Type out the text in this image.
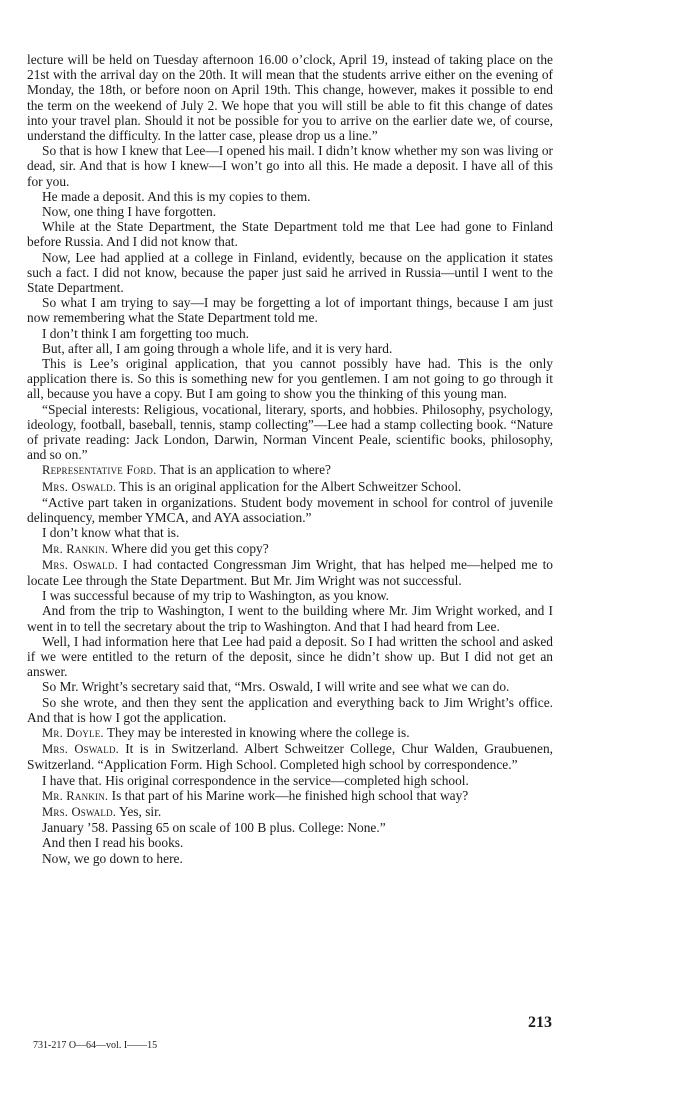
lecture will be held on Tuesday afternoon 16.00 o’clock, April 19, instead of taking place on the 21st with the arrival day on the 20th. It will mean that the students arrive either on the evening of Monday, the 18th, or before noon on April 19th. This change, however, makes it possible to end the term on the weekend of July 2. We hope that you will still be able to fit this change of dates into your travel plan. Should it not be possible for you to arrive on the earlier date we, of course, understand the difficulty. In the latter case, please drop us a line.”

So that is how I knew that Lee—I opened his mail. I didn’t know whether my son was living or dead, sir. And that is how I knew—I won’t go into all this. He made a deposit. I have all of this for you.

He made a deposit. And this is my copies to them.

Now, one thing I have forgotten.

While at the State Department, the State Department told me that Lee had gone to Finland before Russia. And I did not know that.

Now, Lee had applied at a college in Finland, evidently, because on the application it states such a fact. I did not know, because the paper just said he arrived in Russia—until I went to the State Department.

So what I am trying to say—I may be forgetting a lot of important things, because I am just now remembering what the State Department told me.

I don’t think I am forgetting too much.

But, after all, I am going through a whole life, and it is very hard.

This is Lee’s original application, that you cannot possibly have had. This is the only application there is. So this is something new for you gentlemen. I am not going to go through it all, because you have a copy. But I am going to show you the thinking of this young man.

“Special interests: Religious, vocational, literary, sports, and hobbies. Philosophy, psychology, ideology, football, baseball, tennis, stamp collecting”—Lee had a stamp collecting book. “Nature of private reading: Jack London, Darwin, Norman Vincent Peale, scientific books, philosophy, and so on.”

Representative Ford. That is an application to where?

Mrs. Oswald. This is an original application for the Albert Schweitzer School.

“Active part taken in organizations. Student body movement in school for control of juvenile delinquency, member YMCA, and AYA association.”

I don’t know what that is.

Mr. Rankin. Where did you get this copy?

Mrs. Oswald. I had contacted Congressman Jim Wright, that has helped me—helped me to locate Lee through the State Department. But Mr. Jim Wright was not successful.

I was successful because of my trip to Washington, as you know.

And from the trip to Washington, I went to the building where Mr. Jim Wright worked, and I went in to tell the secretary about the trip to Washington. And that I had heard from Lee.

Well, I had information here that Lee had paid a deposit. So I had written the school and asked if we were entitled to the return of the deposit, since he didn’t show up. But I did not get an answer.

So Mr. Wright’s secretary said that, “Mrs. Oswald, I will write and see what we can do.

So she wrote, and then they sent the application and everything back to Jim Wright’s office. And that is how I got the application.

Mr. Doyle. They may be interested in knowing where the college is.

Mrs. Oswald. It is in Switzerland. Albert Schweitzer College, Chur Walden, Graubuenen, Switzerland. “Application Form. High School. Completed high school by correspondence.”

I have that. His original correspondence in the service—completed high school.

Mr. Rankin. Is that part of his Marine work—he finished high school that way?

Mrs. Oswald. Yes, sir.

January ’58. Passing 65 on scale of 100 B plus. College: None.”

And then I read his books.

Now, we go down to here.

213
731-217 O—64—vol. I——15
